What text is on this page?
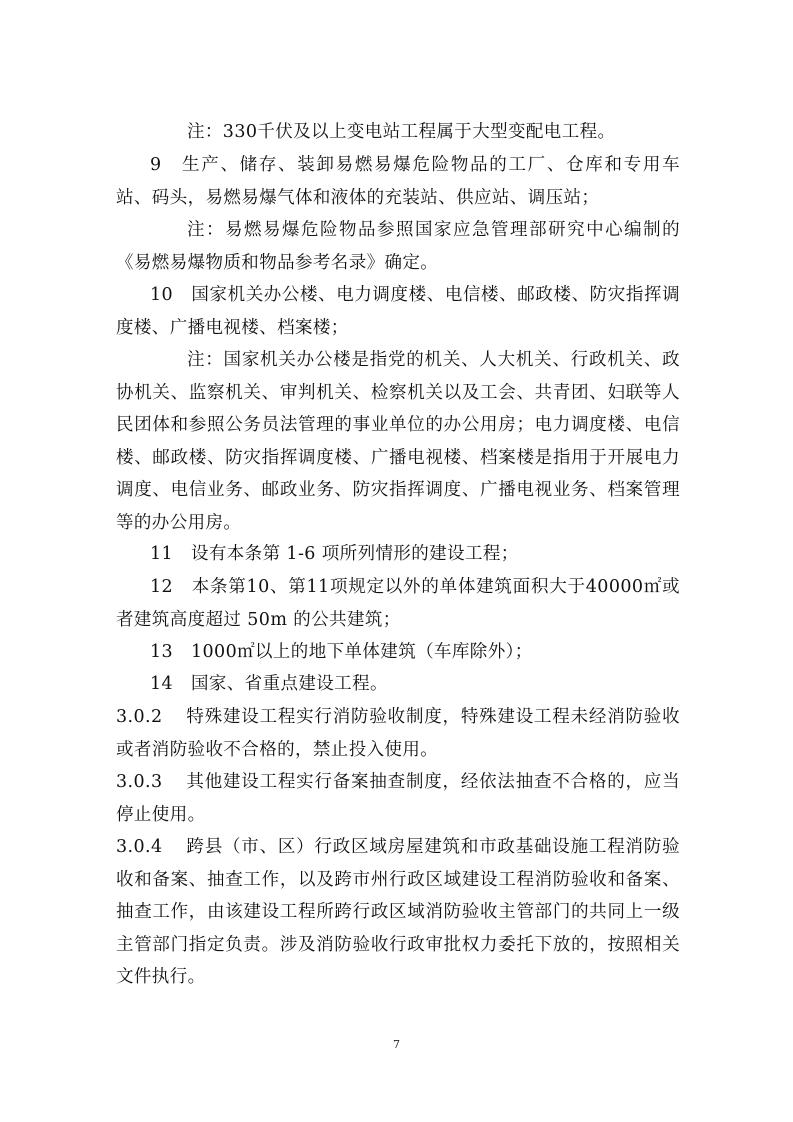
注：330千伏及以上变电站工程属于大型变配电工程。

9　生产、储存、装卸易燃易爆危险物品的工厂、仓库和专用车站、码头，易燃易爆气体和液体的充装站、供应站、调压站；

注：易燃易爆危险物品参照国家应急管理部研究中心编制的《易燃易爆物质和物品参考名录》确定。

10　国家机关办公楼、电力调度楼、电信楼、邮政楼、防灾指挥调度楼、广播电视楼、档案楼；

注：国家机关办公楼是指党的机关、人大机关、行政机关、政协机关、监察机关、审判机关、检察机关以及工会、共青团、妇联等人民团体和参照公务员法管理的事业单位的办公用房；电力调度楼、电信楼、邮政楼、防灾指挥调度楼、广播电视楼、档案楼是指用于开展电力调度、电信业务、邮政业务、防灾指挥调度、广播电视业务、档案管理等的办公用房。

11　设有本条第 1-6 项所列情形的建设工程；

12　本条第10、第11项规定以外的单体建筑面积大于40000㎡或者建筑高度超过 50m 的公共建筑；

13　1000㎡以上的地下单体建筑（车库除外）；

14　国家、省重点建设工程。

3.0.2 特殊建设工程实行消防验收制度，特殊建设工程未经消防验收或者消防验收不合格的，禁止投入使用。

3.0.3 其他建设工程实行备案抽查制度，经依法抽查不合格的，应当停止使用。

3.0.4 跨县（市、区）行政区域房屋建筑和市政基础设施工程消防验收和备案、抽查工作，以及跨市州行政区域建设工程消防验收和备案、抽查工作，由该建设工程所跨行政区域消防验收主管部门的共同上一级主管部门指定负责。涉及消防验收行政审批权力委托下放的，按照相关文件执行。

7
